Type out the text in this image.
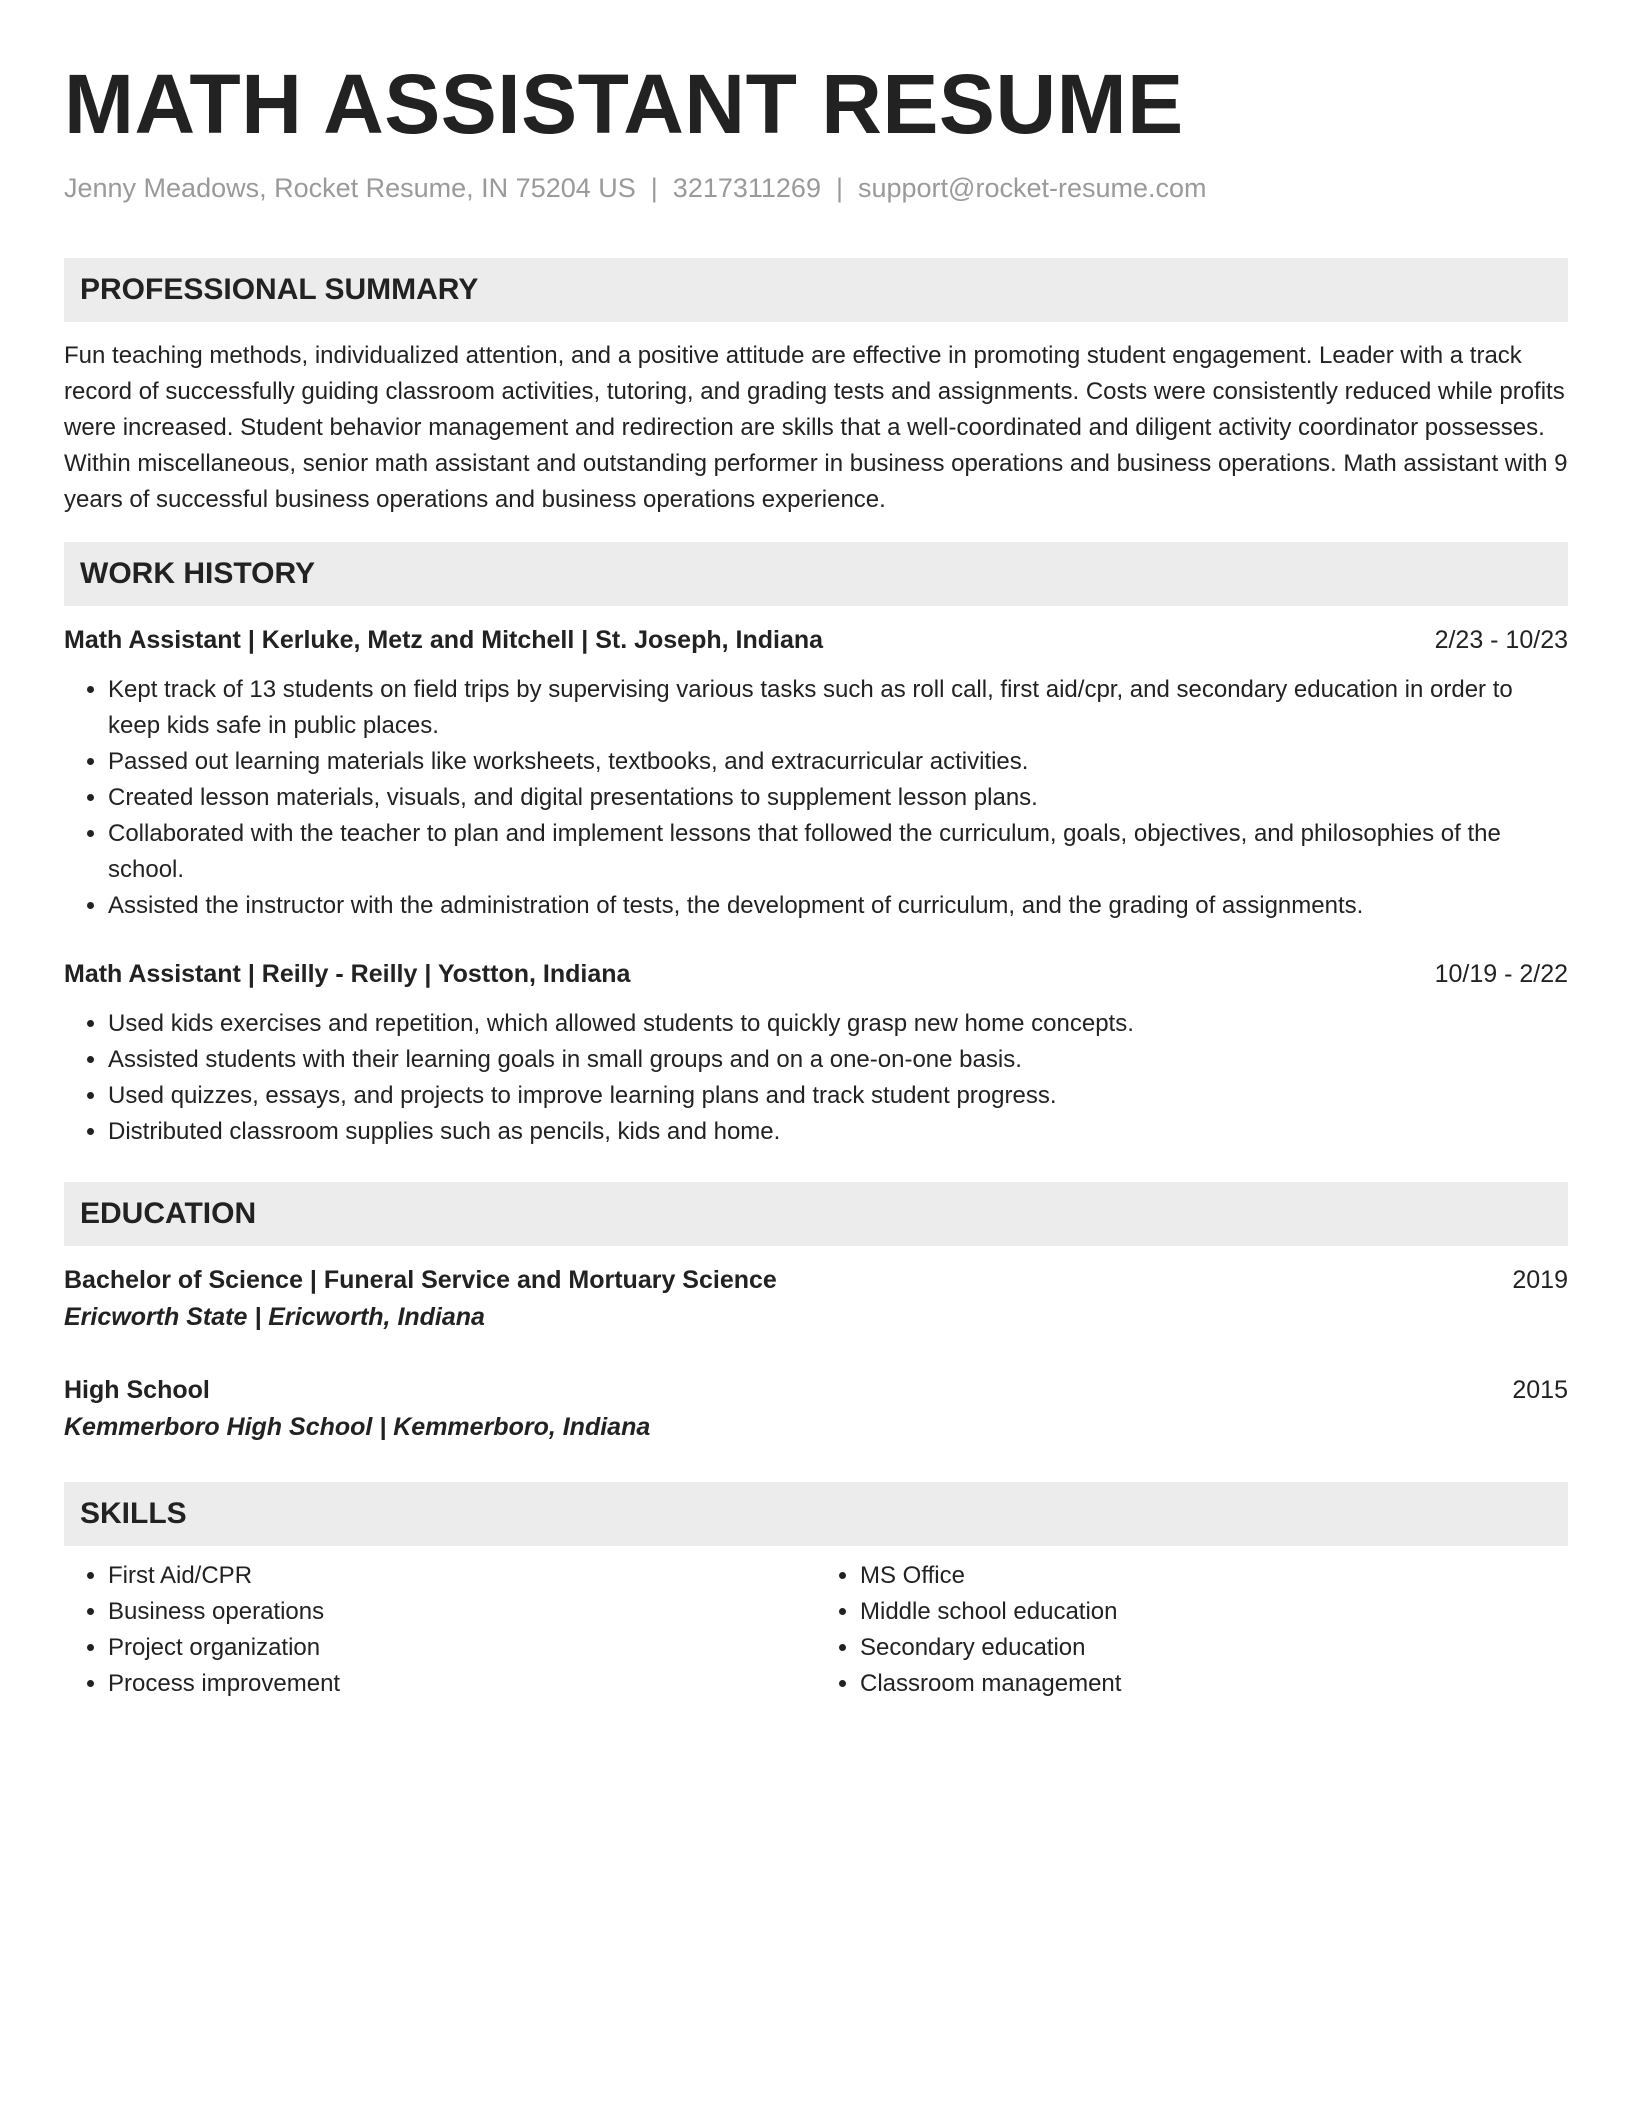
MATH ASSISTANT RESUME
Jenny Meadows, Rocket Resume, IN 75204 US | 3217311269 | support@rocket-resume.com
PROFESSIONAL SUMMARY
Fun teaching methods, individualized attention, and a positive attitude are effective in promoting student engagement. Leader with a track record of successfully guiding classroom activities, tutoring, and grading tests and assignments. Costs were consistently reduced while profits were increased. Student behavior management and redirection are skills that a well-coordinated and diligent activity coordinator possesses. Within miscellaneous, senior math assistant and outstanding performer in business operations and business operations. Math assistant with 9 years of successful business operations and business operations experience.
WORK HISTORY
Math Assistant | Kerluke, Metz and Mitchell | St. Joseph, Indiana	2/23 - 10/23
• Kept track of 13 students on field trips by supervising various tasks such as roll call, first aid/cpr, and secondary education in order to keep kids safe in public places.
• Passed out learning materials like worksheets, textbooks, and extracurricular activities.
• Created lesson materials, visuals, and digital presentations to supplement lesson plans.
• Collaborated with the teacher to plan and implement lessons that followed the curriculum, goals, objectives, and philosophies of the school.
• Assisted the instructor with the administration of tests, the development of curriculum, and the grading of assignments.
Math Assistant | Reilly - Reilly | Yostton, Indiana	10/19 - 2/22
• Used kids exercises and repetition, which allowed students to quickly grasp new home concepts.
• Assisted students with their learning goals in small groups and on a one-on-one basis.
• Used quizzes, essays, and projects to improve learning plans and track student progress.
• Distributed classroom supplies such as pencils, kids and home.
EDUCATION
Bachelor of Science | Funeral Service and Mortuary Science	2019
Ericworth State | Ericworth, Indiana
High School	2015
Kemmerboro High School | Kemmerboro, Indiana
SKILLS
• First Aid/CPR
• Business operations
• Project organization
• Process improvement
• MS Office
• Middle school education
• Secondary education
• Classroom management
